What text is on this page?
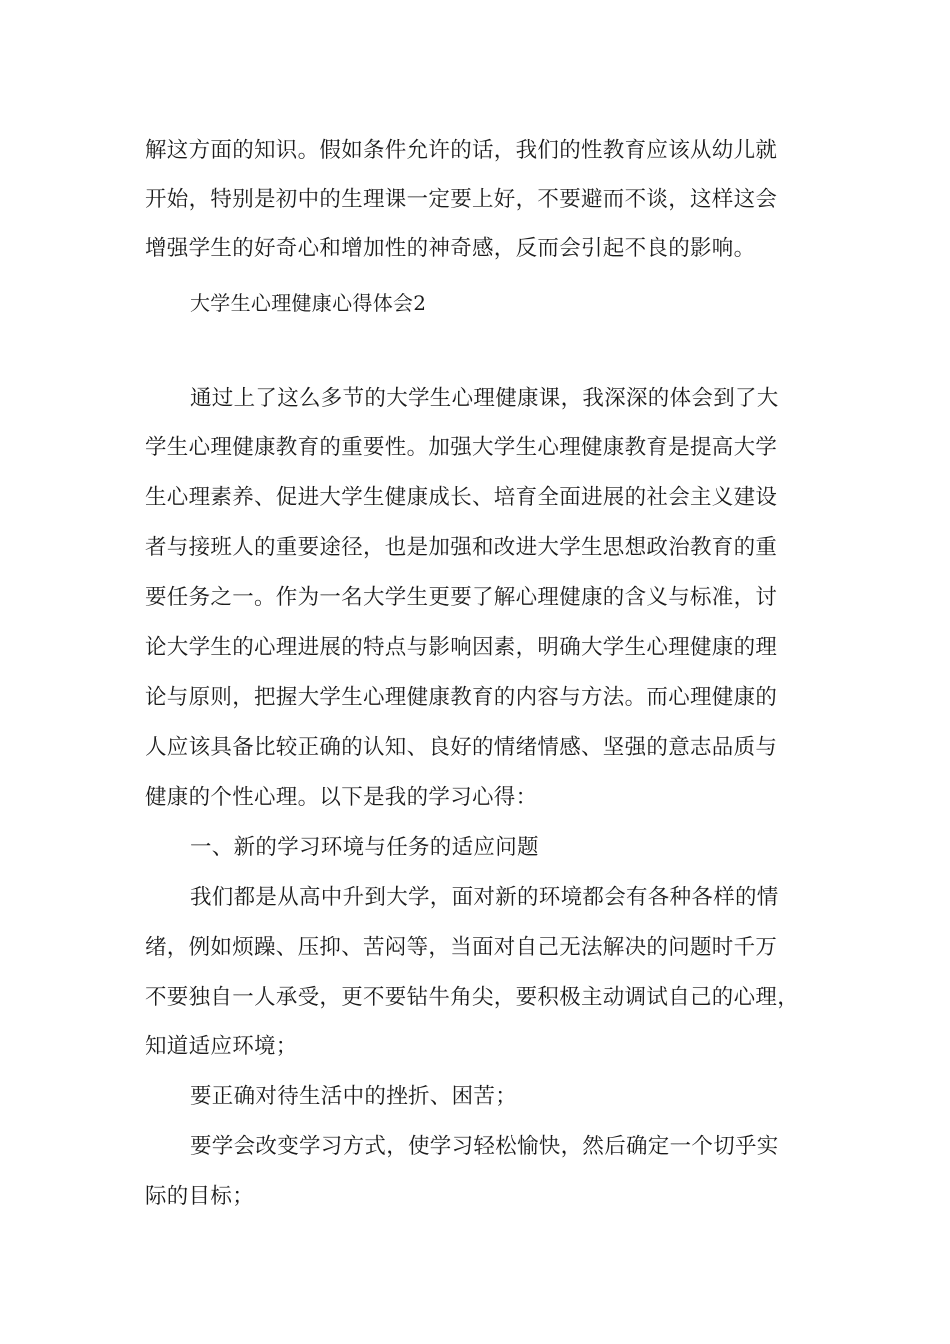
解这方面的知识。假如条件允许的话，我们的性教育应该从幼儿就
开始，特别是初中的生理课一定要上好，不要避而不谈，这样这会
增强学生的好奇心和增加性的神奇感，反而会引起不良的影响。
大学生心理健康心得体会2
通过上了这么多节的大学生心理健康课，我深深的体会到了大
学生心理健康教育的重要性。加强大学生心理健康教育是提高大学
生心理素养、促进大学生健康成长、培育全面进展的社会主义建设
者与接班人的重要途径，也是加强和改进大学生思想政治教育的重
要任务之一。作为一名大学生更要了解心理健康的含义与标准，讨
论大学生的心理进展的特点与影响因素，明确大学生心理健康的理
论与原则，把握大学生心理健康教育的内容与方法。而心理健康的
人应该具备比较正确的认知、良好的情绪情感、坚强的意志品质与
健康的个性心理。以下是我的学习心得：
一、新的学习环境与任务的适应问题
我们都是从高中升到大学，面对新的环境都会有各种各样的情
绪，例如烦躁、压抑、苦闷等，当面对自己无法解决的问题时千万
不要独自一人承受，更不要钻牛角尖，要积极主动调试自己的心理，
知道适应环境；
要正确对待生活中的挫折、困苦；
要学会改变学习方式，使学习轻松愉快，然后确定一个切乎实
际的目标；
